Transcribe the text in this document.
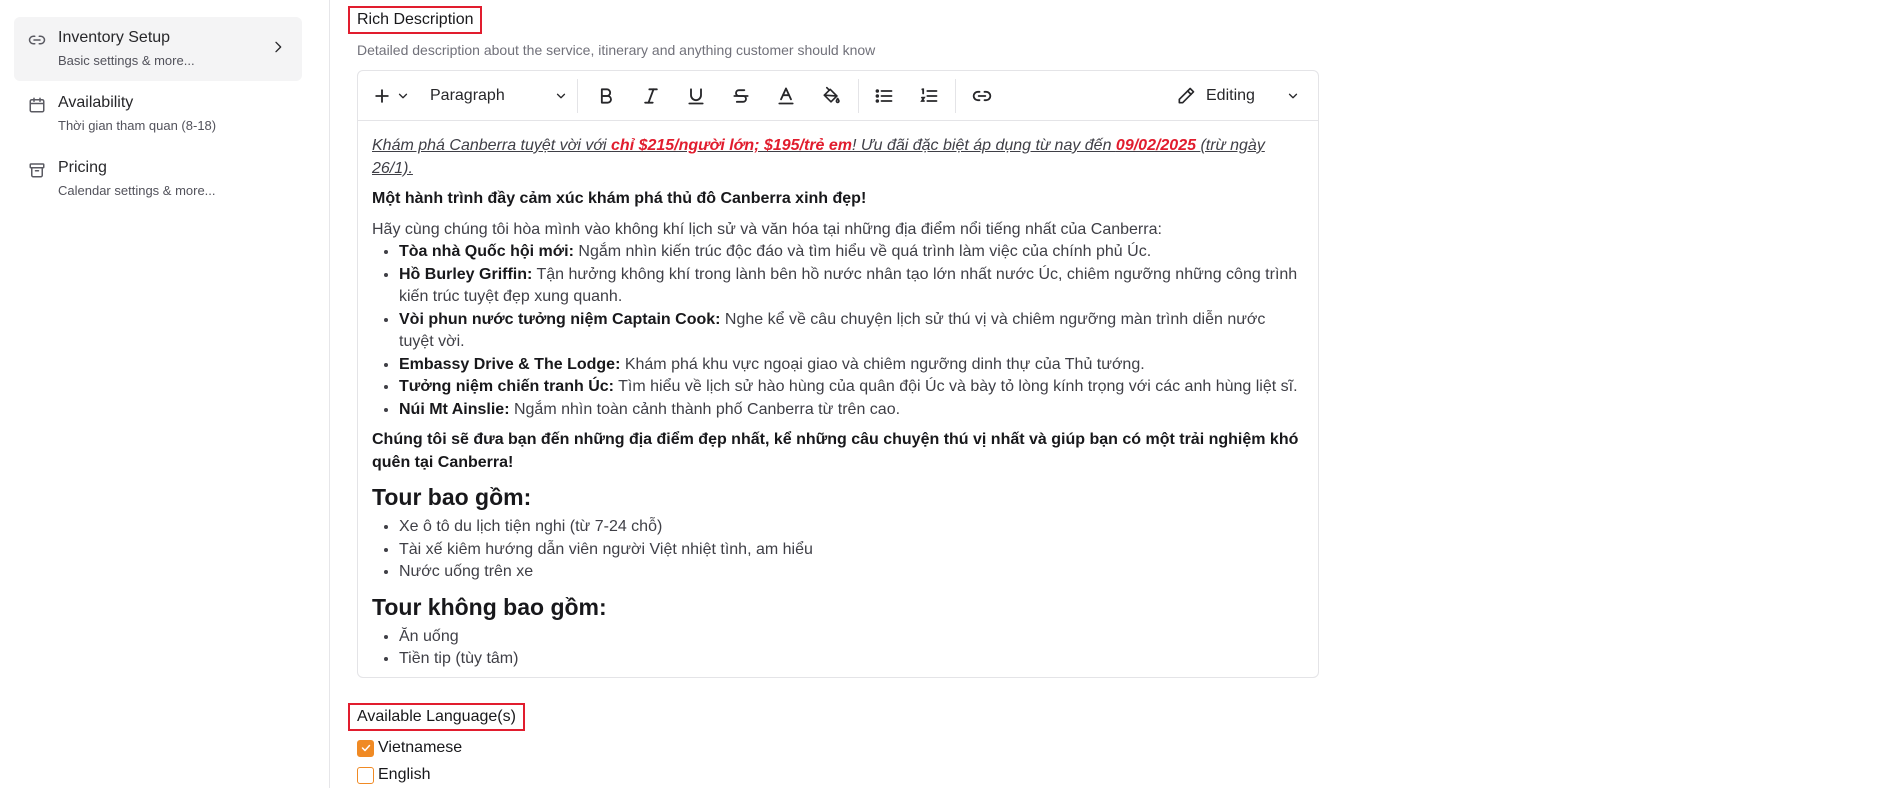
Inventory Setup
Basic settings & more...
Availability
Thời gian tham quan (8-18)
Pricing
Calendar settings & more...
Rich Description
Detailed description about the service, itinerary and anything customer should know
Paragraph	Editing
Khám phá Canberra tuyệt vời với chỉ $215/người lớn; $195/trẻ em! Ưu đãi đặc biệt áp dụng từ nay đến 09/02/2025 (trừ ngày 26/1).
Một hành trình đầy cảm xúc khám phá thủ đô Canberra xinh đẹp!
Hãy cùng chúng tôi hòa mình vào không khí lịch sử và văn hóa tại những địa điểm nổi tiếng nhất của Canberra:
• Tòa nhà Quốc hội mới: Ngắm nhìn kiến trúc độc đáo và tìm hiểu về quá trình làm việc của chính phủ Úc.
• Hồ Burley Griffin: Tận hưởng không khí trong lành bên hồ nước nhân tạo lớn nhất nước Úc, chiêm ngưỡng những công trình kiến trúc tuyệt đẹp xung quanh.
• Vòi phun nước tưởng niệm Captain Cook: Nghe kể về câu chuyện lịch sử thú vị và chiêm ngưỡng màn trình diễn nước tuyệt vời.
• Embassy Drive & The Lodge: Khám phá khu vực ngoại giao và chiêm ngưỡng dinh thự của Thủ tướng.
• Tưởng niệm chiến tranh Úc: Tìm hiểu về lịch sử hào hùng của quân đội Úc và bày tỏ lòng kính trọng với các anh hùng liệt sĩ.
• Núi Mt Ainslie: Ngắm nhìn toàn cảnh thành phố Canberra từ trên cao.
Chúng tôi sẽ đưa bạn đến những địa điểm đẹp nhất, kể những câu chuyện thú vị nhất và giúp bạn có một trải nghiệm khó quên tại Canberra!
Tour bao gồm:
• Xe ô tô du lịch tiện nghi (từ 7-24 chỗ)
• Tài xế kiêm hướng dẫn viên người Việt nhiệt tình, am hiểu
• Nước uống trên xe
Tour không bao gồm:
• Ăn uống
• Tiền tip (tùy tâm)
Available Language(s)
Vietnamese
English
